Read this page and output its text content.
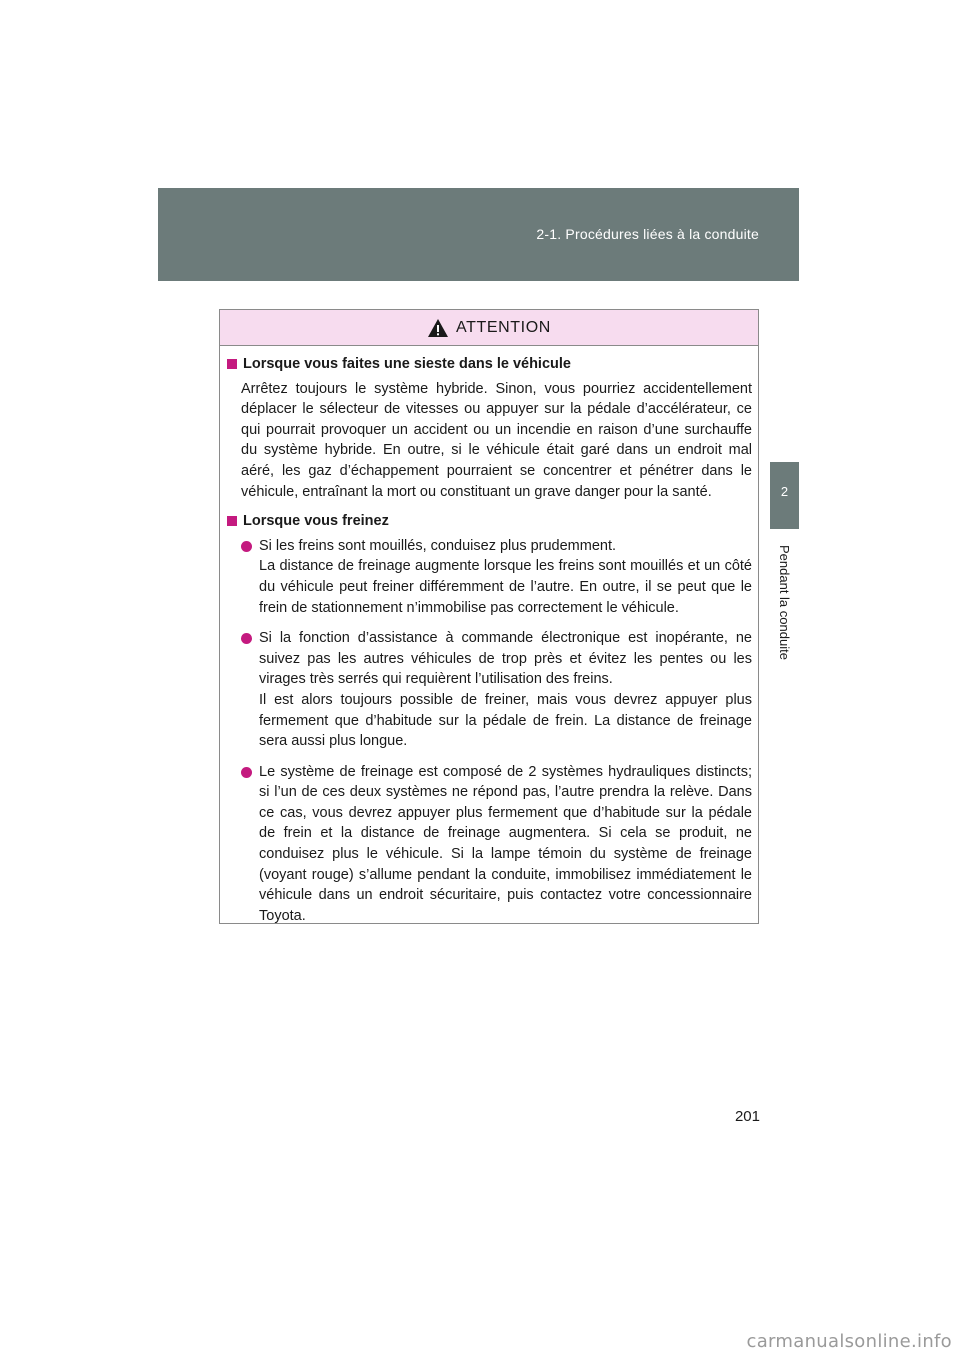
2-1. Procédures liées à la conduite
2
Pendant la conduite
ATTENTION
Lorsque vous faites une sieste dans le véhicule
Arrêtez toujours le système hybride. Sinon, vous pourriez accidentellement déplacer le sélecteur de vitesses ou appuyer sur la pédale d’accélérateur, ce qui pourrait provoquer un accident ou un incendie en raison d’une surchauffe du système hybride. En outre, si le véhicule était garé dans un endroit mal aéré, les gaz d’échappement pourraient se concentrer et pénétrer dans le véhicule, entraînant la mort ou constituant un grave danger pour la santé.
Lorsque vous freinez
Si les freins sont mouillés, conduisez plus prudemment.
La distance de freinage augmente lorsque les freins sont mouillés et un côté du véhicule peut freiner différemment de l’autre. En outre, il se peut que le frein de stationnement n’immobilise pas correctement le véhicule.
Si la fonction d’assistance à commande électronique est inopérante, ne suivez pas les autres véhicules de trop près et évitez les pentes ou les virages très serrés qui requièrent l’utilisation des freins.
Il est alors toujours possible de freiner, mais vous devrez appuyer plus fermement que d’habitude sur la pédale de frein. La distance de freinage sera aussi plus longue.
Le système de freinage est composé de 2 systèmes hydrauliques distincts; si l’un de ces deux systèmes ne répond pas, l’autre prendra la relève. Dans ce cas, vous devrez appuyer plus fermement que d’habitude sur la pédale de frein et la distance de freinage augmentera. Si cela se produit, ne conduisez plus le véhicule. Si la lampe témoin du système de freinage (voyant rouge) s’allume pendant la conduite, immobilisez immédiatement le véhicule dans un endroit sécuritaire, puis contactez votre concessionnaire Toyota.
201
carmanualsonline.info
